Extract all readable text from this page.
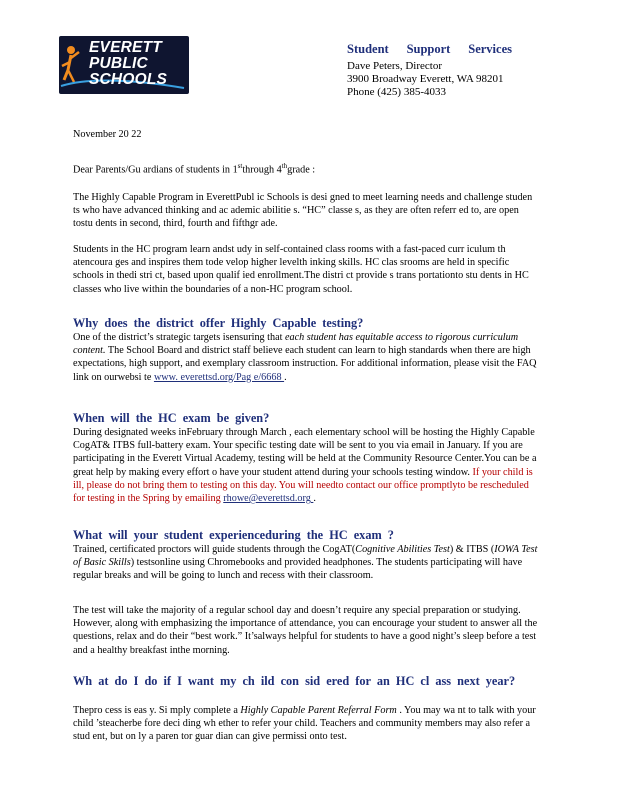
EVERETT
PUBLIC
SCHOOLS
Student Support Services
Dave Peters, Director
3900 Broadway Everett, WA 98201
Phone (425) 385-4033
November 20 22
Dear Parents/Gu ardians of students in 1stthrough 4thgrade :

The Highly Capable Program in EverettPubl ic Schools is desi gned to meet learning needs and challenge studen ts who have advanced thinking and ac ademic abilitie s. “HC” classe s, as they are often referr ed to, are open tostu dents in second, third, fourth and fifthgr ade.

Students in the HC program learn andst udy in self-contained class rooms with a fast-paced curr iculum th atencoura ges and inspires them tode velop higher levelth inking skills. HC clas srooms are held in specific schools in thedi stri ct, based upon qualif ied enrollment.The distri ct provide s trans portationto stu dents in HC classes who live within the boundaries of a non-HC program school.

Why does the district offer Highly Capable testing?
One of the district’s strategic targets isensuring that each student has equitable access to rigorous curriculum content. The School Board and district staff believe each student can learn to high standards when there are high expectations, high support, and exemplary classroom instruction. For additional information, please visit the FAQ link on ourwebsi te www. everettsd.org/Pag e/6668 .
When will the HC exam be given?
During designated weeks inFebruary through March , each elementary school will be hosting the Highly Capable CogAT& ITBS full-battery exam. Your specific testing date will be sent to you via email in January. If you are participating in the Everett Virtual Academy, testing will be held at the Community Resource Center.You can be a great help by making every effort o have your student attend during your schools testing window. If your child is ill, please do not bring them to testing on this day. You will needto contact our office promptlyto be rescheduled for testing in the Spring by emailing rhowe@everettsd.org .
What will your student experienceduring the HC exam ?
Trained, certificated proctors will guide students through the CogAT(Cognitive Abilities Test) & ITBS (IOWA Test of Basic Skills) testsonline using Chromebooks and provided headphones. The students participating will have regular breaks and will be going to lunch and recess with their classroom.

The test will take the majority of a regular school day and doesn’t require any special preparation or studying. However, along with emphasizing the importance of attendance, you can encourage your student to answer all the questions, relax and do their “best work.” It’salways helpful for students to have a good night’s sleep before a test and a healthy breakfast inthe morning.

Wh at do I do if I want my ch ild con sid ered for an HC cl ass next year?
Thepro cess is eas y. Si mply complete a Highly Capable Parent Referral Form . You may wa nt to talk with your child ’steacherbe fore deci ding wh ether to refer your child. Teachers and community members may also refer a stud ent, but on ly a paren tor guar dian can give permissi onto test.
